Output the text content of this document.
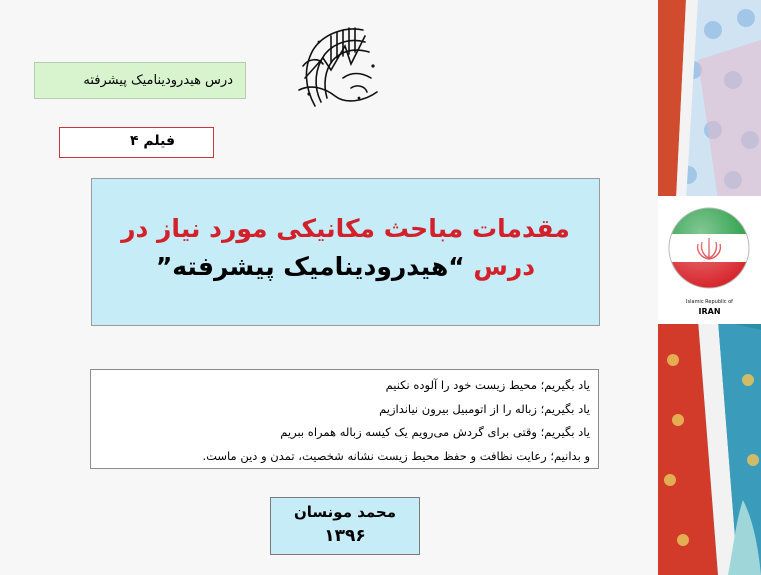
درس هیدرودینامیک پیشرفته
فیلم ۴
مقدمات مباحث مکانیکی مورد نیاز در
درس “هیدرودینامیک پیشرفته”
یاد بگیریم؛ محیط زیست خود را آلوده نکنیم
یاد بگیریم؛ زباله را از اتومبیل بیرون نیاندازیم
یاد بگیریم؛ وقتی برای گردش می‌رویم یک کیسه زباله همراه ببریم
و بدانیم؛ رعایت نظافت و حفظ محیط زیست نشانه شخصیت، تمدن و دین ماست.
محمد مونسان
۱۳۹۶
Islamic Republic of
IRAN
